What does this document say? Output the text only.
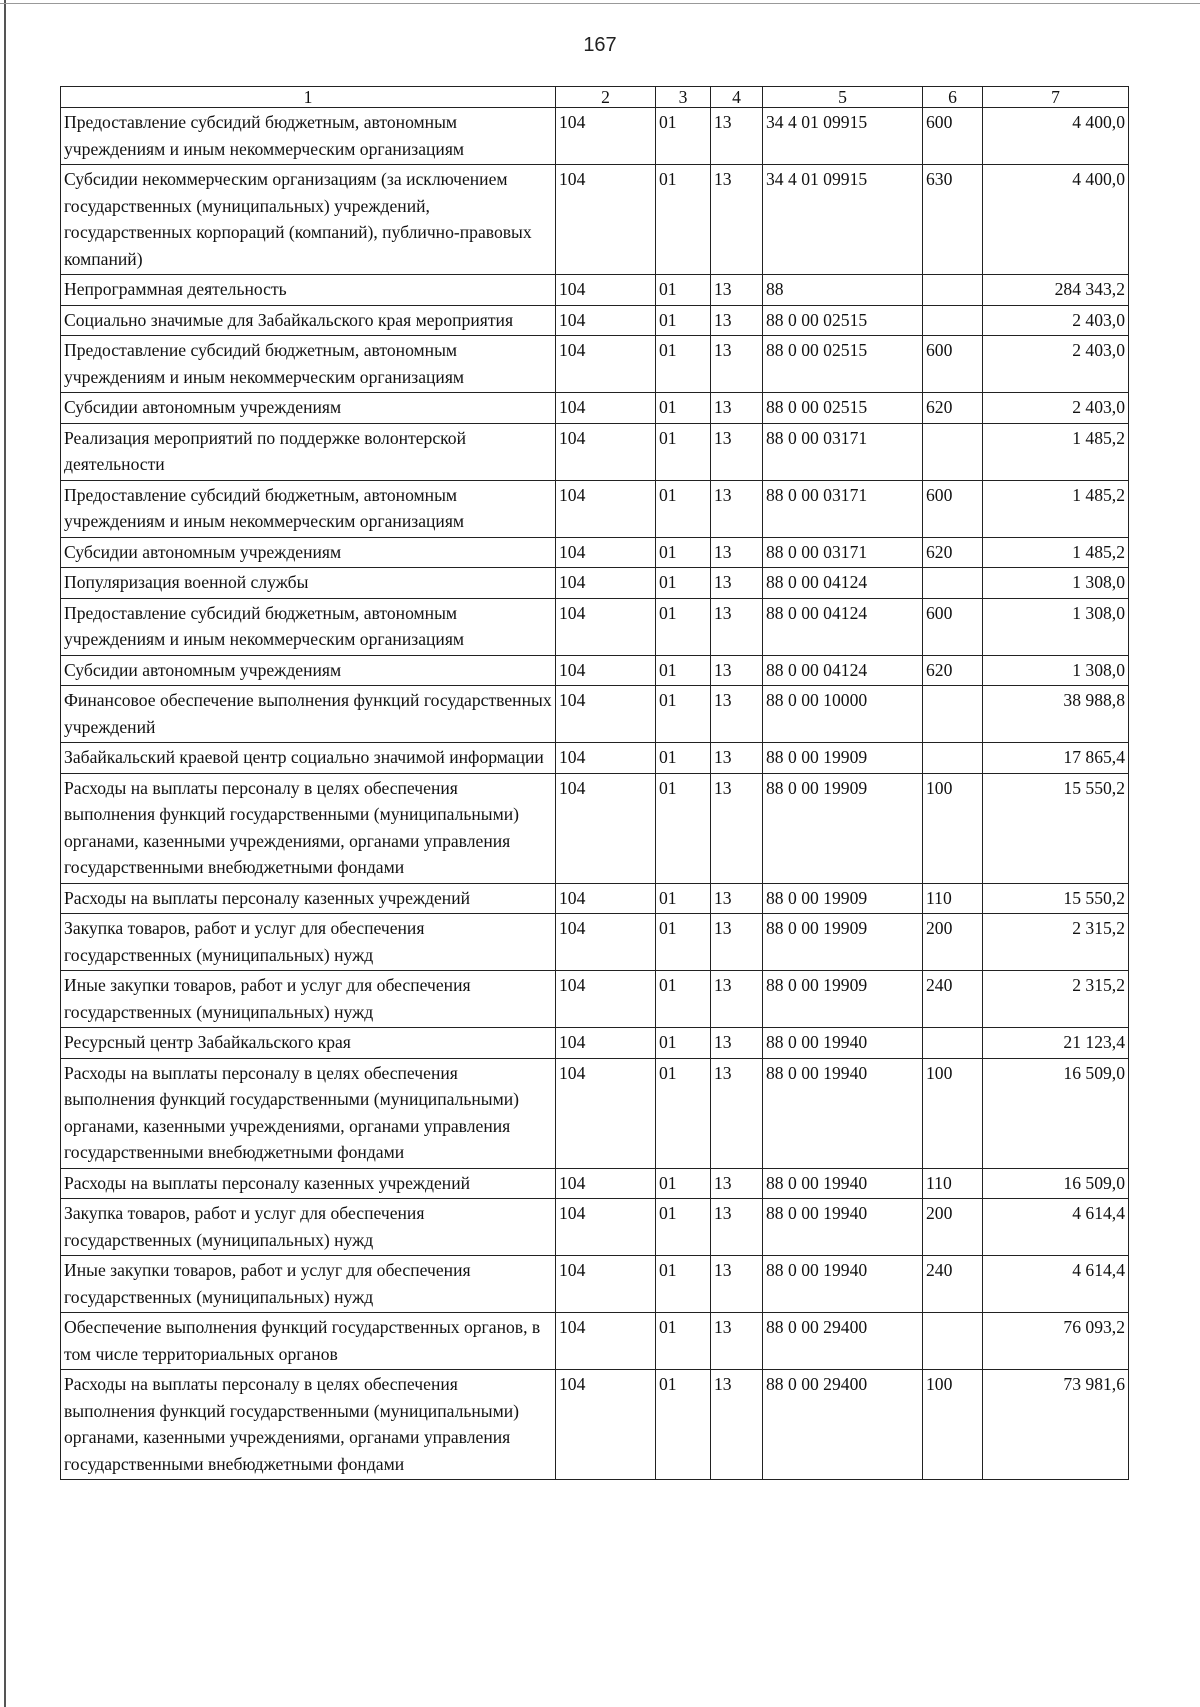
167
1	2	3	4	5	6	7
Предоставление субсидий бюджетным, автономным учреждениям и иным некоммерческим организациям	104	01	13	34 4 01 09915	600	4 400,0
Субсидии некоммерческим организациям (за исключением государственных (муниципальных) учреждений, государственных корпораций (компаний), публично-правовых компаний)	104	01	13	34 4 01 09915	630	4 400,0
Непрограммная деятельность	104	01	13	88		284 343,2
Социально значимые для Забайкальского края мероприятия	104	01	13	88 0 00 02515		2 403,0
Предоставление субсидий бюджетным, автономным учреждениям и иным некоммерческим организациям	104	01	13	88 0 00 02515	600	2 403,0
Субсидии автономным учреждениям	104	01	13	88 0 00 02515	620	2 403,0
Реализация мероприятий по поддержке волонтерской деятельности	104	01	13	88 0 00 03171		1 485,2
Предоставление субсидий бюджетным, автономным учреждениям и иным некоммерческим организациям	104	01	13	88 0 00 03171	600	1 485,2
Субсидии автономным учреждениям	104	01	13	88 0 00 03171	620	1 485,2
Популяризация военной службы	104	01	13	88 0 00 04124		1 308,0
Предоставление субсидий бюджетным, автономным учреждениям и иным некоммерческим организациям	104	01	13	88 0 00 04124	600	1 308,0
Субсидии автономным учреждениям	104	01	13	88 0 00 04124	620	1 308,0
Финансовое обеспечение выполнения функций государственных учреждений	104	01	13	88 0 00 10000		38 988,8
Забайкальский краевой центр социально значимой информации	104	01	13	88 0 00 19909		17 865,4
Расходы на выплаты персоналу в целях обеспечения выполнения функций государственными (муниципальными) органами, казенными учреждениями, органами управления государственными внебюджетными фондами	104	01	13	88 0 00 19909	100	15 550,2
Расходы на выплаты персоналу казенных учреждений	104	01	13	88 0 00 19909	110	15 550,2
Закупка товаров, работ и услуг для обеспечения государственных (муниципальных) нужд	104	01	13	88 0 00 19909	200	2 315,2
Иные закупки товаров, работ и услуг для обеспечения государственных (муниципальных) нужд	104	01	13	88 0 00 19909	240	2 315,2
Ресурсный центр Забайкальского края	104	01	13	88 0 00 19940		21 123,4
Расходы на выплаты персоналу в целях обеспечения выполнения функций государственными (муниципальными) органами, казенными учреждениями, органами управления государственными внебюджетными фондами	104	01	13	88 0 00 19940	100	16 509,0
Расходы на выплаты персоналу казенных учреждений	104	01	13	88 0 00 19940	110	16 509,0
Закупка товаров, работ и услуг для обеспечения государственных (муниципальных) нужд	104	01	13	88 0 00 19940	200	4 614,4
Иные закупки товаров, работ и услуг для обеспечения государственных (муниципальных) нужд	104	01	13	88 0 00 19940	240	4 614,4
Обеспечение выполнения функций государственных органов, в том числе территориальных органов	104	01	13	88 0 00 29400		76 093,2
Расходы на выплаты персоналу в целях обеспечения выполнения функций государственными (муниципальными) органами, казенными учреждениями, органами управления государственными внебюджетными фондами	104	01	13	88 0 00 29400	100	73 981,6
